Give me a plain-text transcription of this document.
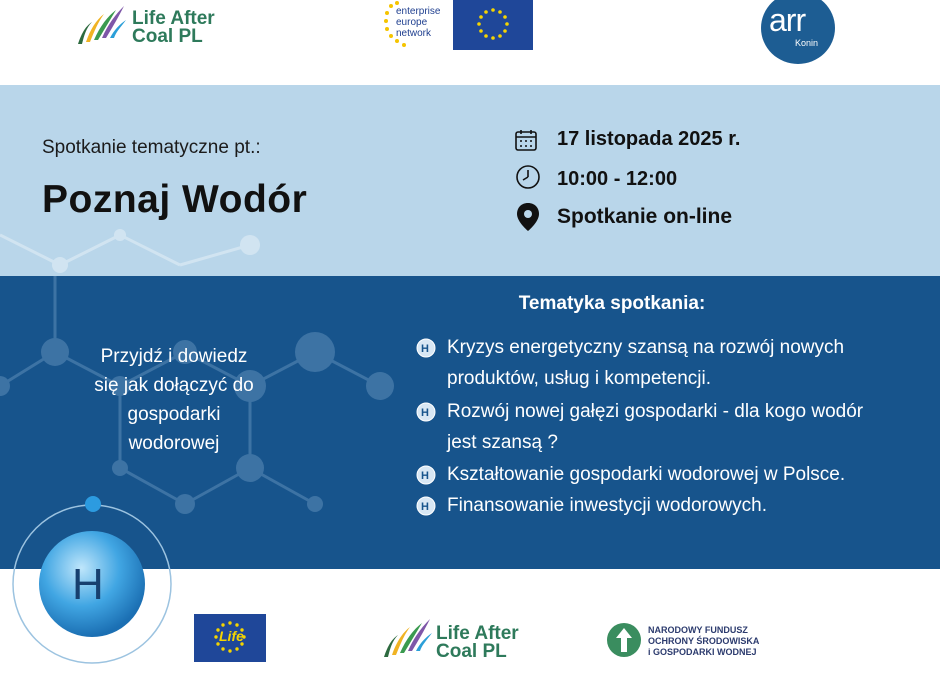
Life After
Coal PL
enterprise
europe
network	arr
Konin
Spotkanie tematyczne pt.:
Poznaj Wodór
17 listopada 2025 r.
10:00 - 12:00
Spotkanie on-line
Przyjdź i dowiedz
się jak dołączyć do
gospodarki
wodorowej
Tematyka spotkania:
H Kryzys energetyczny szansą na rozwój nowych
produktów, usług i kompetencji.
H Rozwój nowej gałęzi gospodarki - dla kogo wodór
jest szansą ?
H Kształtowanie gospodarki wodorowej w Polsce.
H Finansowanie inwestycji wodorowych.
H
Life	Life After
Coal PL
NARODOWY FUNDUSZ
OCHRONY ŚRODOWISKA
i GOSPODARKI WODNEJ
